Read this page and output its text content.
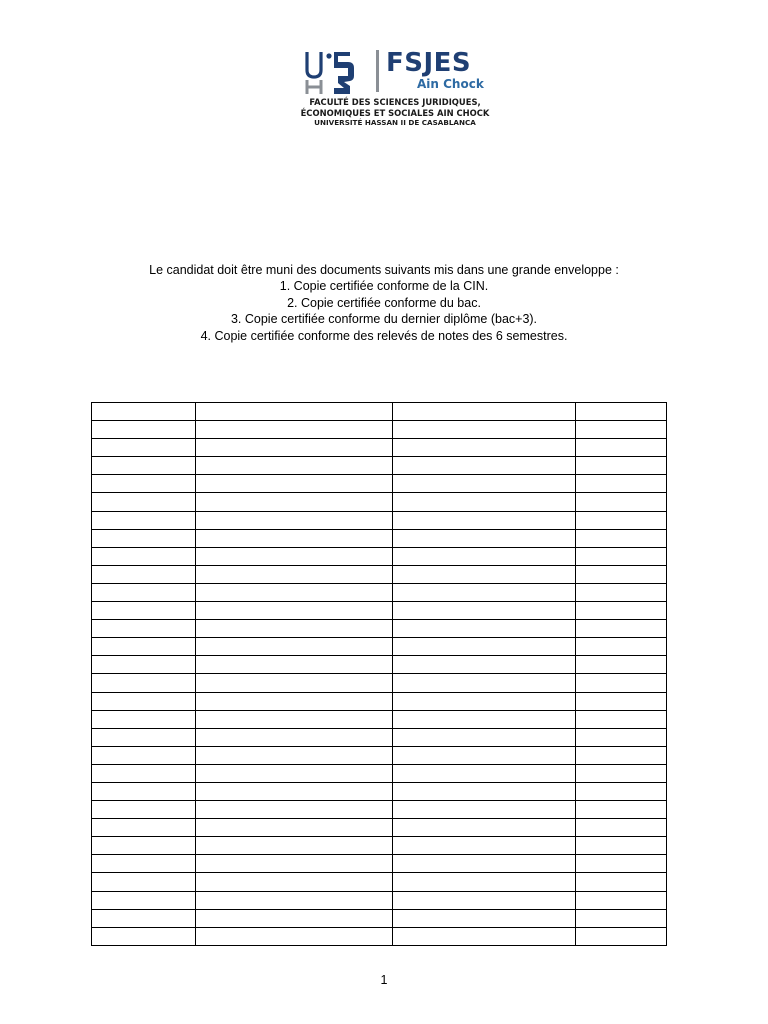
FSJES
Ain Chock
FACULTÉ DES SCIENCES JURIDIQUES,
ÉCONOMIQUES ET SOCIALES AIN CHOCK
UNIVERSITÉ HASSAN II DE CASABLANCA

Le candidat doit être muni des documents suivants mis dans une grande enveloppe :

1. Copie certifiée conforme de la CIN.

2. Copie certifiée conforme du bac.

3. Copie certifiée conforme du dernier diplôme (bac+3).

4. Copie certifiée conforme des relevés de notes des 6 semestres.

1
